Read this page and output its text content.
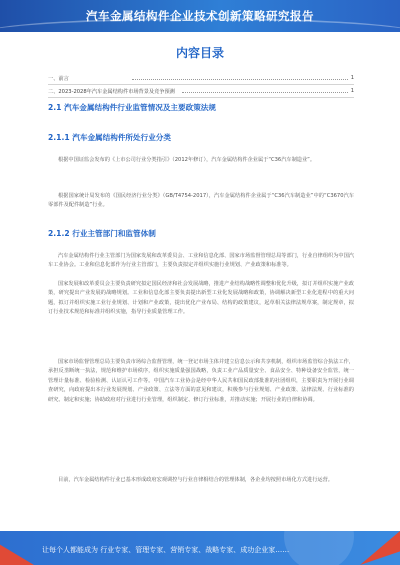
汽车金属结构件企业技术创新策略研究报告
内容目录
一、前言	1
二、2023-2028年汽车金属结构件市场背景及竞争预测	1
2.1 汽车金属结构件行业监管情况及主要政策法规
2.1.1 汽车金属结构件所处行业分类
根据中国证监会发布的《上市公司行业分类指引》（2012年修订），汽车金属结构件企业属于“C36汽车制造业”。
根据国家统计局发布的《国民经济行业分类》（GB/T4754-2017），汽车金属结构件企业属于“C36汽车制造业”中的“C3670汽车零部件及配件制造”行业。
2.1.2 行业主管部门和监管体制
汽车金属结构件行业主管部门为国家发展和改革委员会、工业和信息化部、国家市场监督管理总局等部门，行业自律组织为中国汽车工业协会。工业和信息化部作为行业主管部门，主要负责拟定并组织实施行业规划、产业政策和标准等。
国家发展和改革委员会主要负责研究拟定国民经济和社会发展战略，推进产业结构战略性调整和优化升级，拟订并组织实施产业政策，研究提出产业发展的战略规划。工业和信息化部主要负责提出新型工业化发展战略和政策，协调解决新型工业化进程中的重大问题，拟订并组织实施工业行业规划、计划和产业政策，提出优化产业布局、结构的政策建议，起草相关法律法规草案，制定规章，拟订行业技术规范和标准并组织实施，指导行业质量管理工作。
国家市场监督管理总局主要负责市场综合监督管理，统一登记市场主体并建立信息公示和共享机制，组织市场监管综合执法工作，承担反垄断统一执法，规范和维护市场秩序，组织实施质量强国战略，负责工业产品质量安全、食品安全、特种设备安全监管，统一管理计量标准、检验检测、认证认可工作等。中国汽车工业协会是经中华人民共和国民政部批准的社团组织，主要职责为开展行业调查研究，向政府提出本行业发展规划、产业政策、立法等方面的意见和建议，积极参与行业规划、产业政策、法律法规、行业标准的研究、制定和实施；协助政府对行业进行行业管理，组织制定、修订行业标准，并推动实施；开展行业的自律和协调。
目前，汽车金属结构件行业已基本形成政府宏观调控与行业自律相结合的管理体制，各企业均按照市场化方式进行运营。
让每个人都能成为 行业专家、管理专家、营销专家、战略专家、成功企业家……
